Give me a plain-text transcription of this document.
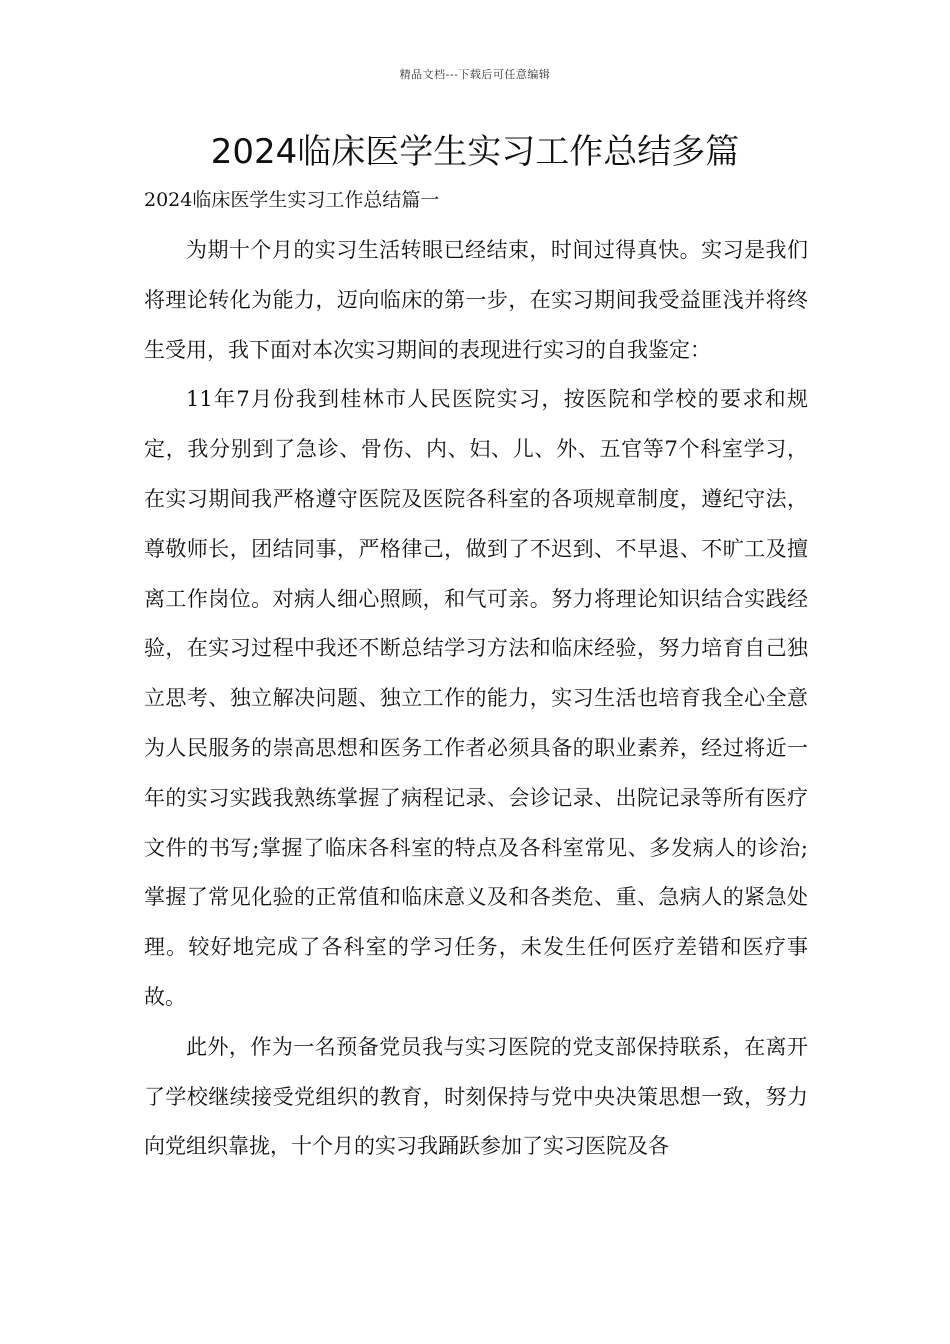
精品文档---下载后可任意编辑
2024临床医学生实习工作总结多篇
2024临床医学生实习工作总结篇一

为期十个月的实习生活转眼已经结束，时间过得真快。实习是我们将理论转化为能力，迈向临床的第一步，在实习期间我受益匪浅并将终生受用，我下面对本次实习期间的表现进行实习的自我鉴定：

11年7月份我到桂林市人民医院实习，按医院和学校的要求和规定，我分别到了急诊、骨伤、内、妇、儿、外、五官等7个科室学习，在实习期间我严格遵守医院及医院各科室的各项规章制度，遵纪守法，尊敬师长，团结同事，严格律己，做到了不迟到、不早退、不旷工及擅离工作岗位。对病人细心照顾，和气可亲。努力将理论知识结合实践经验，在实习过程中我还不断总结学习方法和临床经验，努力培育自己独立思考、独立解决问题、独立工作的能力，实习生活也培育我全心全意为人民服务的崇高思想和医务工作者必须具备的职业素养，经过将近一年的实习实践我熟练掌握了病程记录、会诊记录、出院记录等所有医疗文件的书写;掌握了临床各科室的特点及各科室常见、多发病人的诊治;掌握了常见化验的正常值和临床意义及和各类危、重、急病人的紧急处理。较好地完成了各科室的学习任务，未发生任何医疗差错和医疗事故。

此外，作为一名预备党员我与实习医院的党支部保持联系，在离开了学校继续接受党组织的教育，时刻保持与党中央决策思想一致，努力向党组织靠拢，十个月的实习我踊跃参加了实习医院及各
